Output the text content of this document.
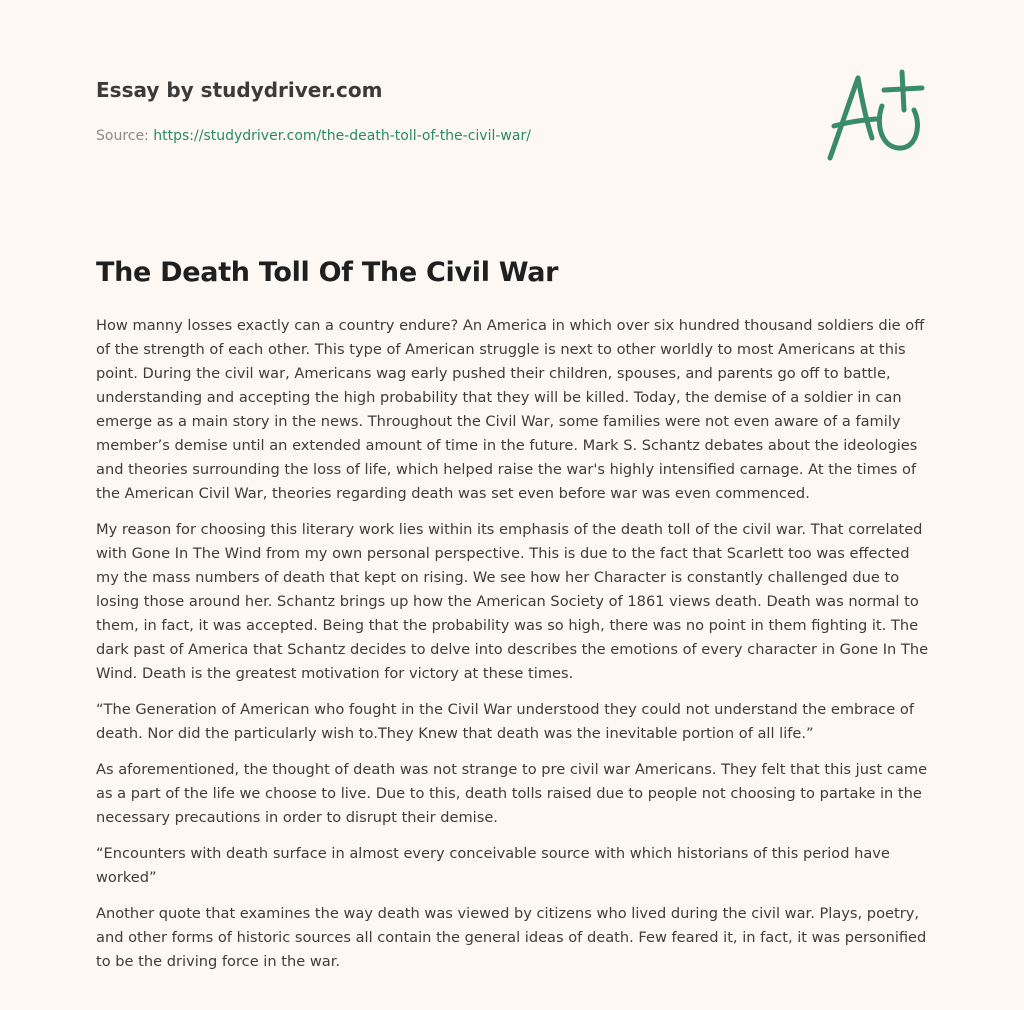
Essay by studydriver.com
Source: https://studydriver.com/the-death-toll-of-the-civil-war/
The Death Toll Of The Civil War

How manny losses exactly can a country endure? An America in which over six hundred thousand soldiers die off of the strength of each other. This type of American struggle is next to other worldly to most Americans at this point. During the civil war, Americans wag early pushed their children, spouses, and parents go off to battle, understanding and accepting the high probability that they will be killed. Today, the demise of a soldier in can emerge as a main story in the news. Throughout the Civil War, some families were not even aware of a family member’s demise until an extended amount of time in the future. Mark S. Schantz debates about the ideologies and theories surrounding the loss of life, which helped raise the war's highly intensified carnage. At the times of the American Civil War, theories regarding death was set even before war was even commenced.

My reason for choosing this literary work lies within its emphasis of the death toll of the civil war. That correlated with Gone In The Wind from my own personal perspective. This is due to the fact that Scarlett too was effected my the mass numbers of death that kept on rising. We see how her Character is constantly challenged due to losing those around her. Schantz brings up how the American Society of 1861 views death. Death was normal to them, in fact, it was accepted. Being that the probability was so high, there was no point in them fighting it. The dark past of America that Schantz decides to delve into describes the emotions of every character in Gone In The Wind. Death is the greatest motivation for victory at these times.

“The Generation of American who fought in the Civil War understood they could not understand the embrace of death. Nor did the particularly wish to.They Knew that death was the inevitable portion of all life.”

As aforementioned, the thought of death was not strange to pre civil war Americans. They felt that this just came as a part of the life we choose to live. Due to this, death tolls raised due to people not choosing to partake in the necessary precautions in order to disrupt their demise.

“Encounters with death surface in almost every conceivable source with which historians of this period have worked”

Another quote that examines the way death was viewed by citizens who lived during the civil war. Plays, poetry, and other forms of historic sources all contain the general ideas of death. Few feared it, in fact, it was personified to be the driving force in the war.
